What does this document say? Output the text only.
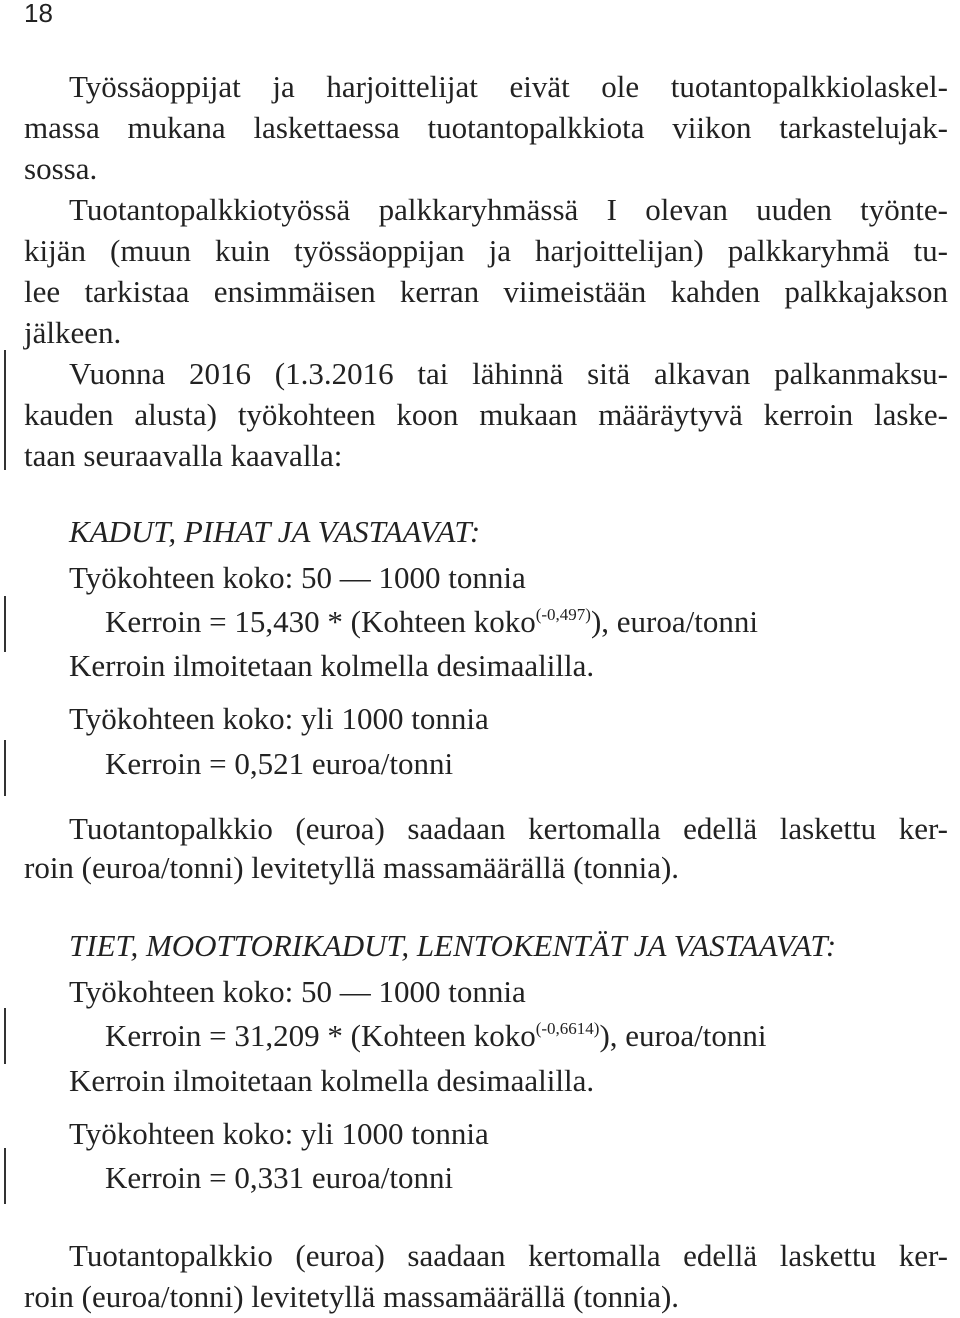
18
Työssäoppijat ja harjoittelijat eivät ole tuotantopalkkiolaskel-
massa mukana laskettaessa tuotantopalkkiota viikon tarkastelujak-
sossa.
Tuotantopalkkiotyössä palkkaryhmässä I olevan uuden työnte-
kijän (muun kuin työssäoppijan ja harjoittelijan) palkkaryhmä tu-
lee tarkistaa ensimmäisen kerran viimeistään kahden palkkajakson
jälkeen.
Vuonna 2016 (1.3.2016 tai lähinnä sitä alkavan palkanmaksu-
kauden alusta) työkohteen koon mukaan määräytyvä kerroin laske-
taan seuraavalla kaavalla:
KADUT, PIHAT JA VASTAAVAT:
Työkohteen koko: 50 — 1000 tonnia
Kerroin = 15,430 * (Kohteen koko$^{(-0,497)}$), euroa/tonni
Kerroin ilmoitetaan kolmella desimaalilla.
Työkohteen koko: yli 1000 tonnia
Kerroin = 0,521 euroa/tonni
Tuotantopalkkio (euroa) saadaan kertomalla edellä laskettu ker-
roin (euroa/tonni) levitetyllä massamäärällä (tonnia).
TIET, MOOTTORIKADUT, LENTOKENTÄT JA VASTAAVAT:
Työkohteen koko: 50 — 1000 tonnia
Kerroin = 31,209 * (Kohteen koko$^{(-0,6614)}$), euroa/tonni
Kerroin ilmoitetaan kolmella desimaalilla.
Työkohteen koko: yli 1000 tonnia
Kerroin = 0,331 euroa/tonni
Tuotantopalkkio (euroa) saadaan kertomalla edellä laskettu ker-
roin (euroa/tonni) levitetyllä massamäärällä (tonnia).
